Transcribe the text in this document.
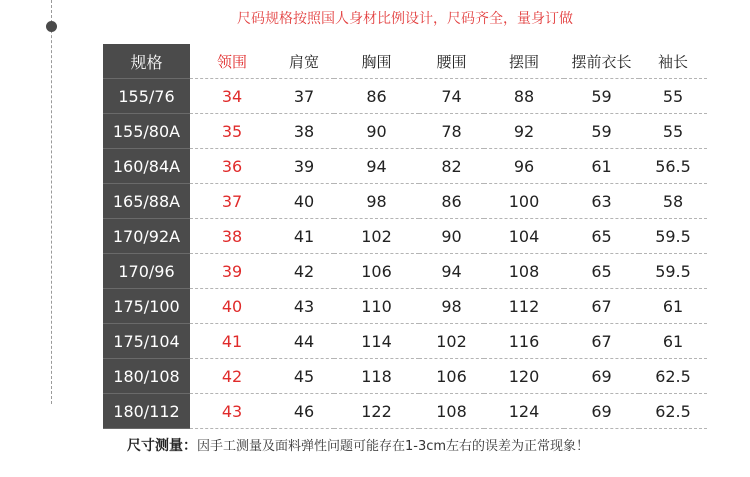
尺码规格按照国人身材比例设计，尺码齐全，量身订做
规格	领围	肩宽	胸围	腰围	摆围	摆前衣长	袖长
155/76	34	37	86	74	88	59	55
155/80A	35	38	90	78	92	59	55
160/84A	36	39	94	82	96	61	56.5
165/88A	37	40	98	86	100	63	58
170/92A	38	41	102	90	104	65	59.5
170/96	39	42	106	94	108	65	59.5
175/100	40	43	110	98	112	67	61
175/104	41	44	114	102	116	67	61
180/108	42	45	118	106	120	69	62.5
180/112	43	46	122	108	124	69	62.5
尺寸测量：因手工测量及面料弹性问题可能存在1-3cm左右的误差为正常现象！
